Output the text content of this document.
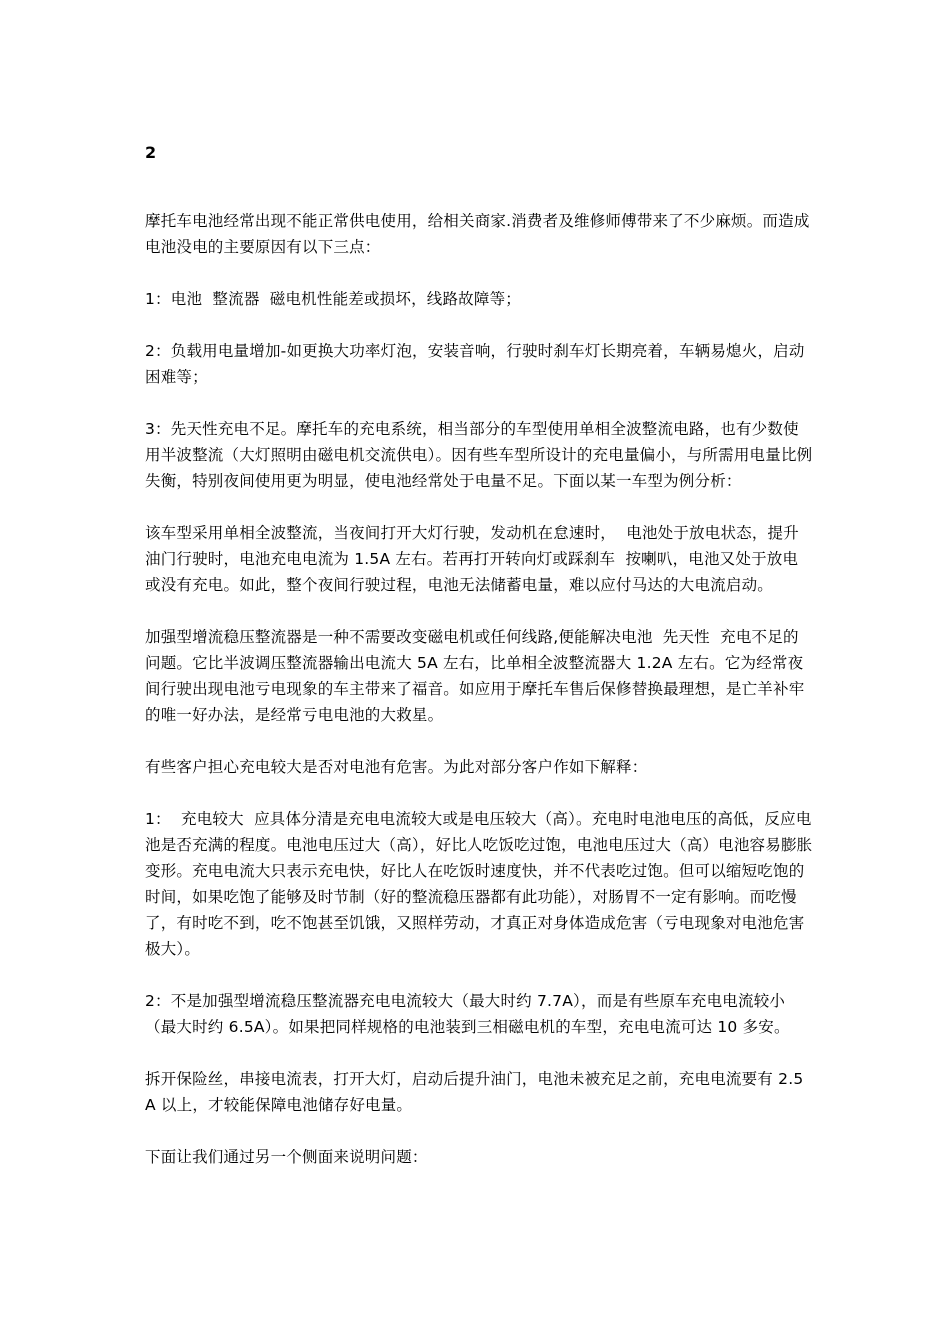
2

摩托车电池经常出现不能正常供电使用，给相关商家.消费者及维修师傅带来了不少麻烦。而造成电池没电的主要原因有以下三点：

1：电池  整流器  磁电机性能差或损坏，线路故障等；

2：负载用电量增加-如更换大功率灯泡，安装音响，行驶时刹车灯长期亮着，车辆易熄火，启动困难等；

3：先天性充电不足。摩托车的充电系统，相当部分的车型使用单相全波整流电路，也有少数使用半波整流（大灯照明由磁电机交流供电）。因有些车型所设计的充电量偏小，与所需用电量比例失衡，特别夜间使用更为明显，使电池经常处于电量不足。下面以某一车型为例分析：

该车型采用单相全波整流，当夜间打开大灯行驶，发动机在怠速时，  电池处于放电状态，提升油门行驶时，电池充电电流为 1.5A 左右。若再打开转向灯或踩刹车  按喇叭，电池又处于放电或没有充电。如此，整个夜间行驶过程，电池无法储蓄电量，难以应付马达的大电流启动。

加强型增流稳压整流器是一种不需要改变磁电机或任何线路,便能解决电池  先天性  充电不足的问题。它比半波调压整流器输出电流大 5A 左右，比单相全波整流器大 1.2A 左右。它为经常夜间行驶出现电池亏电现象的车主带来了福音。如应用于摩托车售后保修替换最理想，是亡羊补牢的唯一好办法，是经常亏电电池的大救星。

有些客户担心充电较大是否对电池有危害。为此对部分客户作如下解释：

1：  充电较大  应具体分清是充电电流较大或是电压较大（高）。充电时电池电压的高低，反应电池是否充满的程度。电池电压过大（高），好比人吃饭吃过饱，电池电压过大（高）电池容易膨胀变形。充电电流大只表示充电快，好比人在吃饭时速度快，并不代表吃过饱。但可以缩短吃饱的时间，如果吃饱了能够及时节制（好的整流稳压器都有此功能），对肠胃不一定有影响。而吃慢了，有时吃不到，吃不饱甚至饥饿，又照样劳动，才真正对身体造成危害（亏电现象对电池危害极大）。

2：不是加强型增流稳压整流器充电电流较大（最大时约 7.7A），而是有些原车充电电流较小（最大时约 6.5A）。如果把同样规格的电池装到三相磁电机的车型，充电电流可达 10 多安。

拆开保险丝，串接电流表，打开大灯，启动后提升油门，电池未被充足之前，充电电流要有 2.5A 以上，才较能保障电池储存好电量。

下面让我们通过另一个侧面来说明问题：
